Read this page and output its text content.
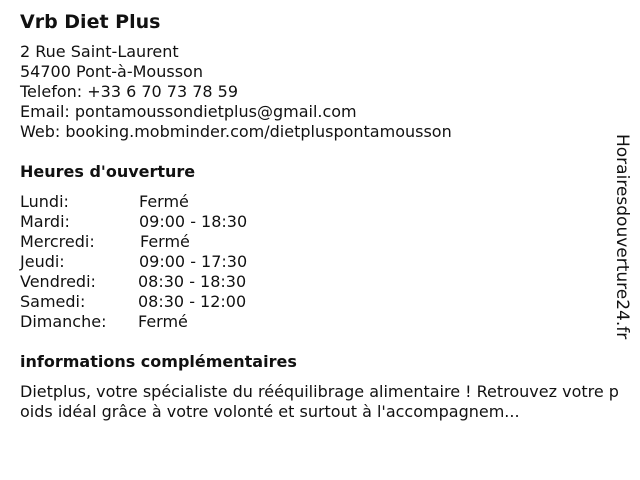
Vrb Diet Plus
2 Rue Saint-Laurent
54700 Pont-à-Mousson
Telefon: +33 6 70 73 78 59
Email: pontamoussondietplus@gmail.com
Web: booking.mobminder.com/dietpluspontamousson
Heures d'ouverture
Lundi:	Fermé
Mardi:	09:00 - 18:30
Mercredi:	Fermé
Jeudi:	09:00 - 17:30
Vendredi:	08:30 - 18:30
Samedi:	08:30 - 12:00
Dimanche:	Fermé
informations complémentaires
Dietplus, votre spécialiste du rééquilibrage alimentaire ! Retrouvez votre poids idéal grâce à votre volonté et surtout à l'accompagnem...
Horairesdouverture24.fr
